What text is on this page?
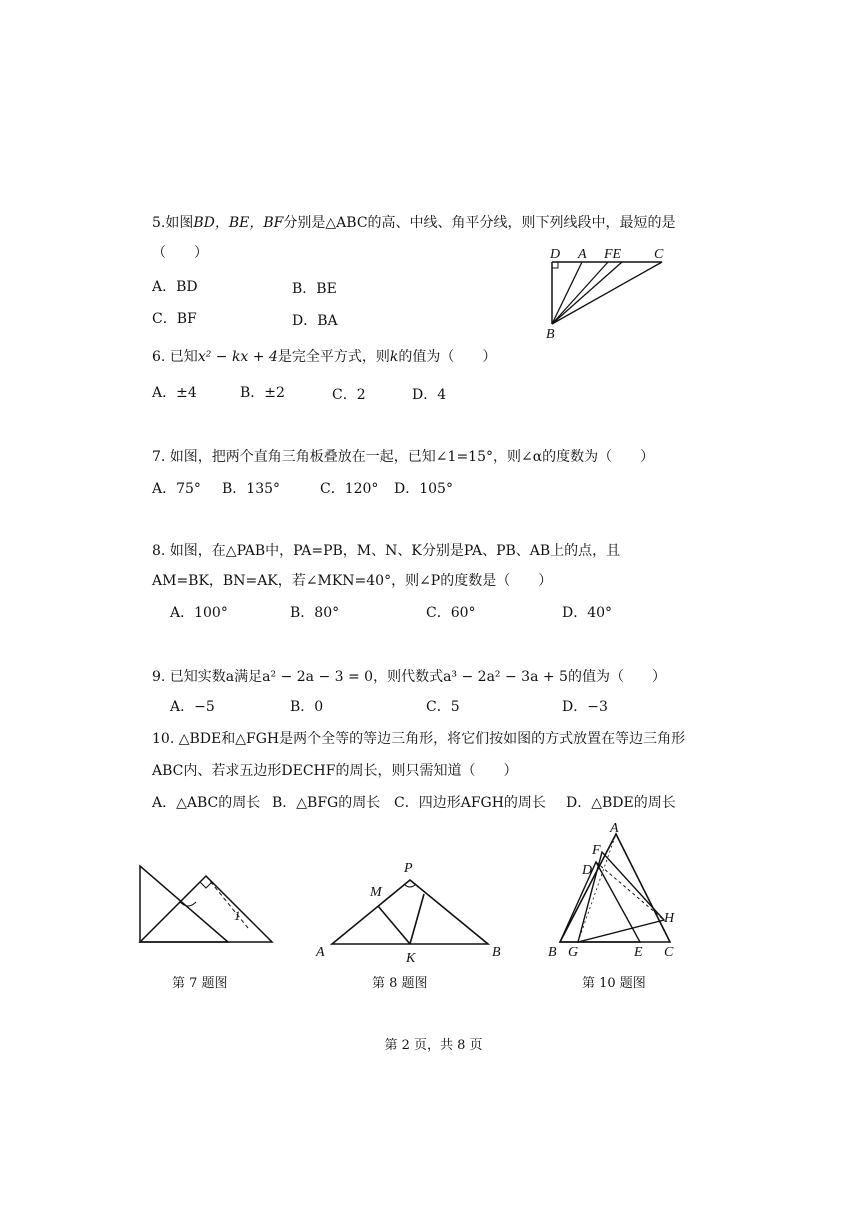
5.如图BD，BE，BF分别是△ABC的高、中线、角平分线，则下列线段中，最短的是
（　　）
A．BD	B．BE
C．BF	D．BA
D A FE C
B
6. 已知x² − kx + 4是完全平方式，则k的值为（　　）
A．±4	B．±2	C．2	D．4
7. 如图，把两个直角三角板叠放在一起，已知∠1=15°，则∠α的度数为（　　）
A．75° B．135°	C．120° D．105°
8. 如图，在△PAB中，PA=PB，M、N、K分别是PA、PB、AB上的点，且
AM=BK，BN=AK，若∠MKN=40°，则∠P的度数是（　　）
A．100°	B．80°	C．60°	D．40°
9. 已知实数a满足a² − 2a − 3 = 0，则代数式a³ − 2a² − 3a + 5的值为（　　）
A．−5	B．0	C．5	D．−3
10. △BDE和△FGH是两个全等的等边三角形，将它们按如图的方式放置在等边三角形
ABC内、若求五边形DECHF的周长，则只需知道（　　）
A．△ABC的周长 B．△BFG的周长 C．四边形AFGH的周长 D．△BDE的周长
1
第 7 题图
P
M
A	K	B
第 8 题图
A
F
D
H
B G	E C
第 10 题图
第 2 页，共 8 页
